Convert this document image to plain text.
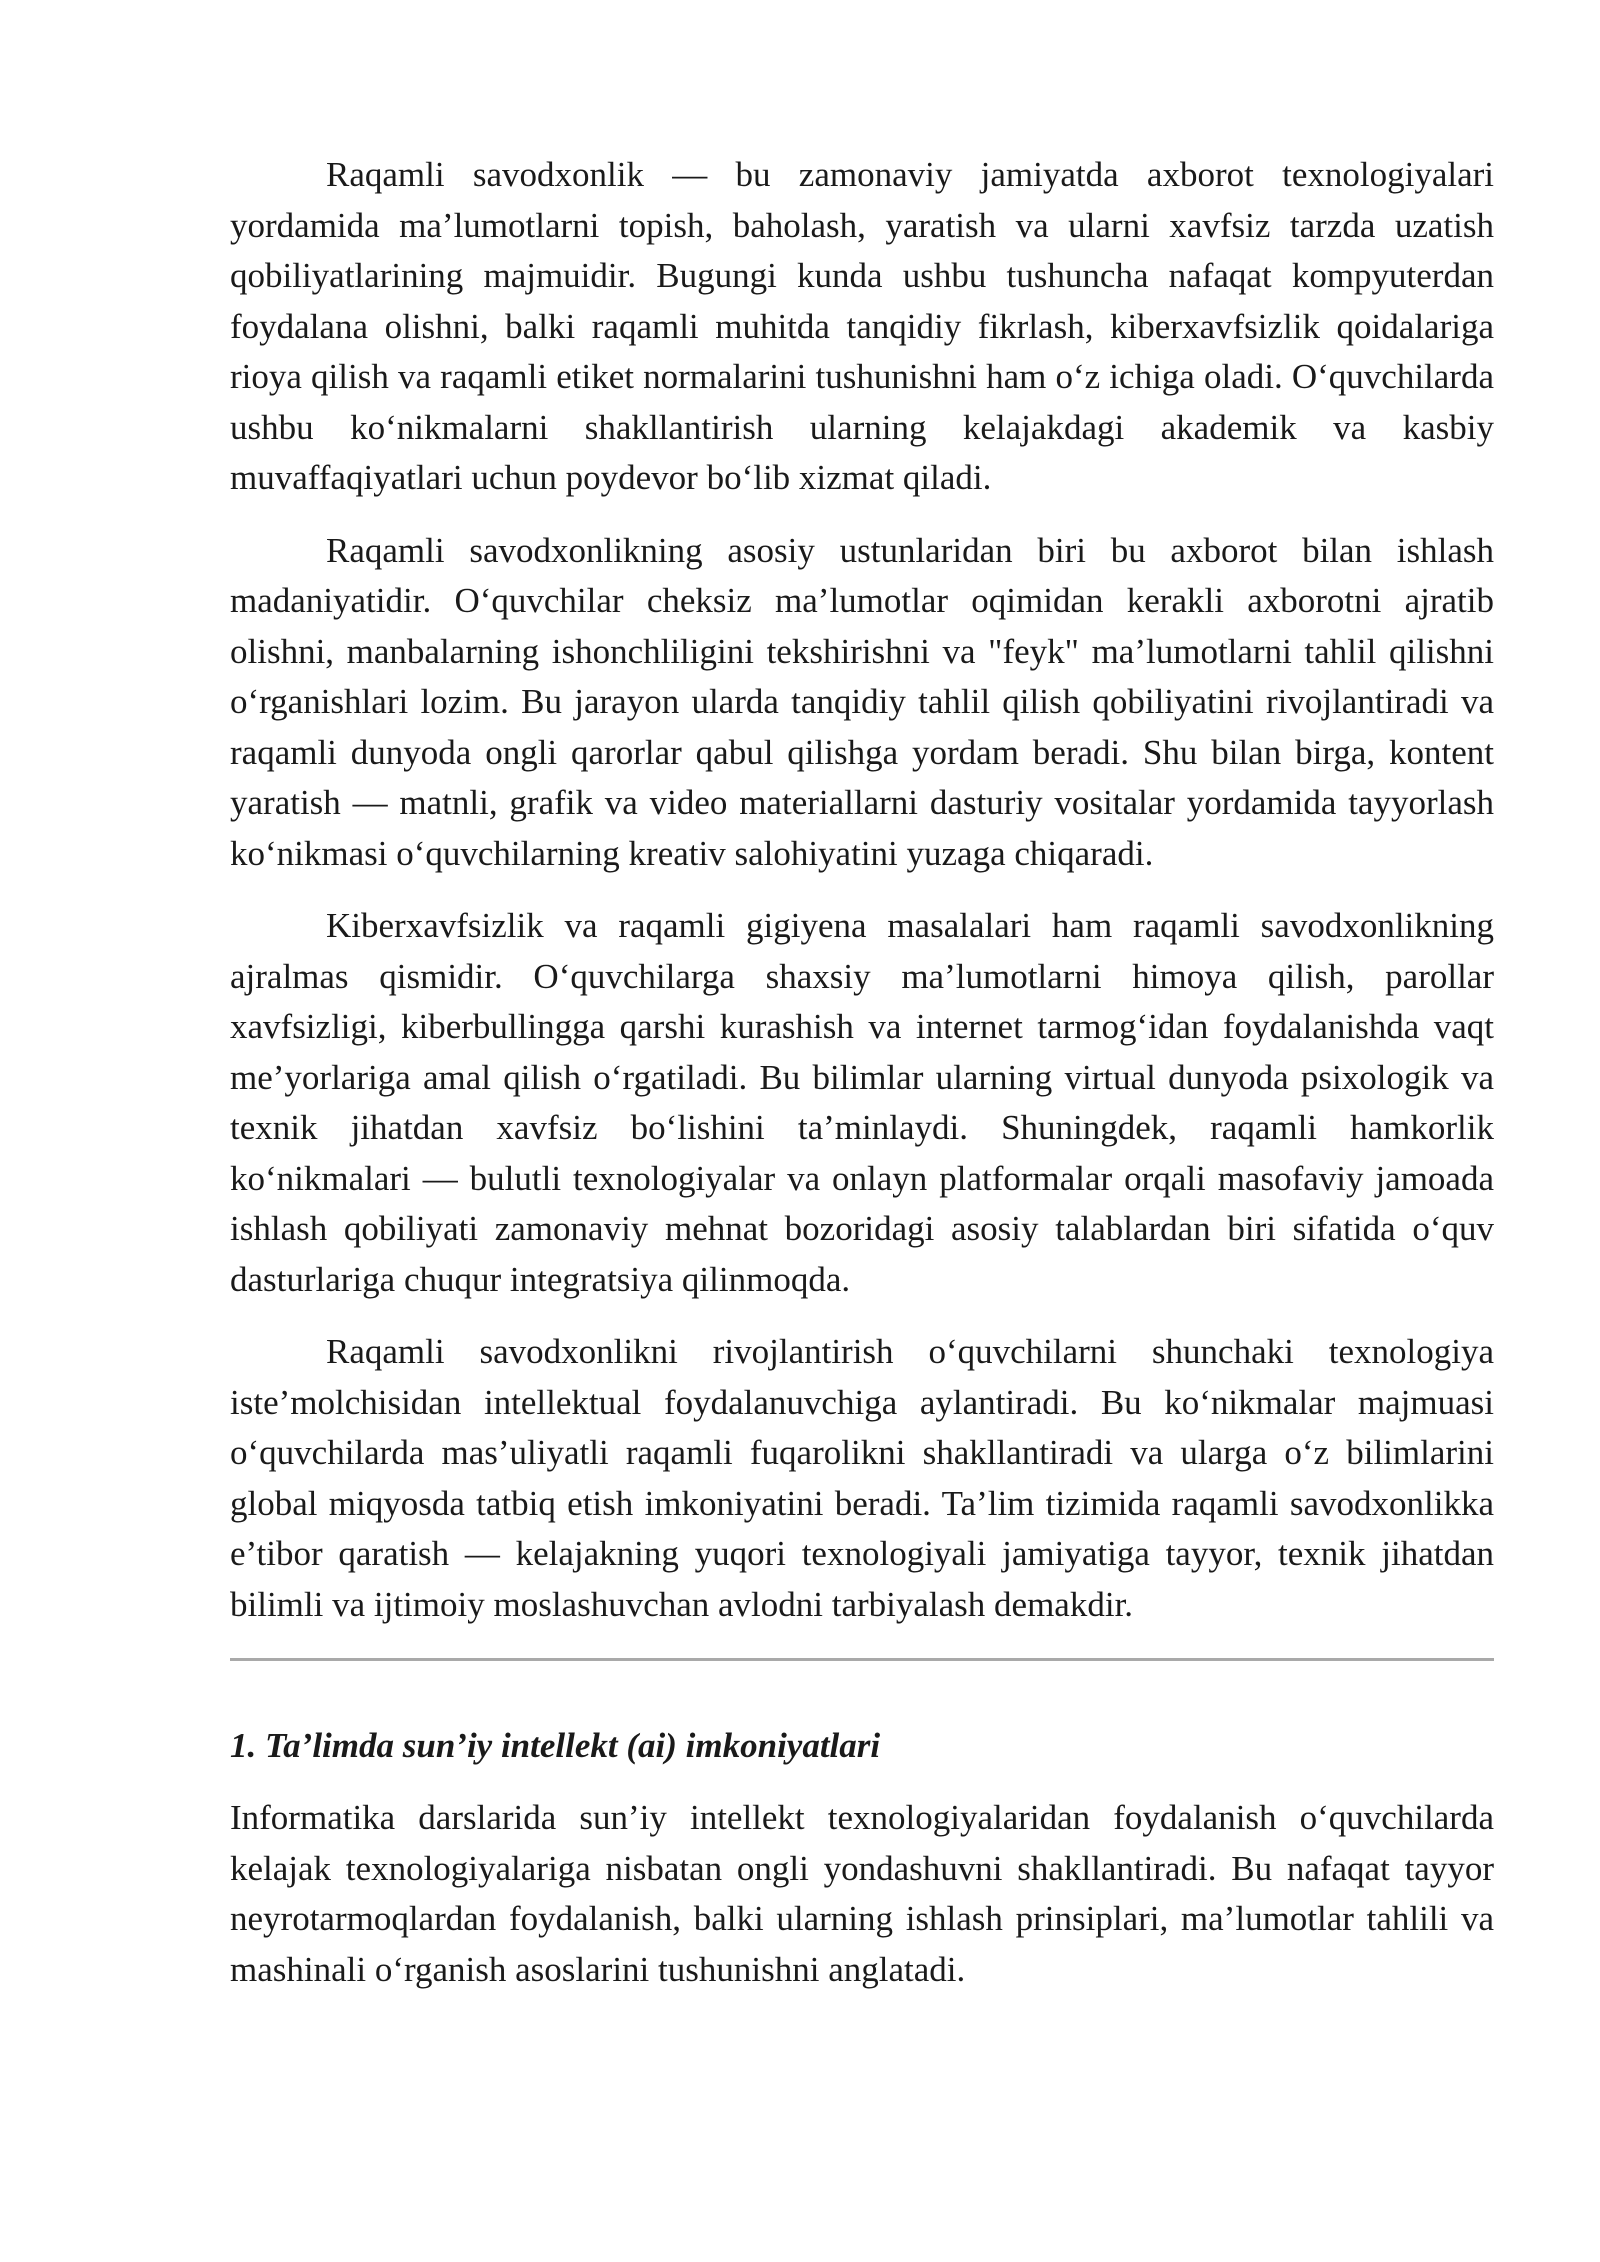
Raqamli savodxonlik — bu zamonaviy jamiyatda axborot texnologiyalari yordamida ma’lumotlarni topish, baholash, yaratish va ularni xavfsiz tarzda uzatish qobiliyatlarining majmuidir. Bugungi kunda ushbu tushuncha nafaqat kompyuterdan foydalana olishni, balki raqamli muhitda tanqidiy fikrlash, kiberxavfsizlik qoidalariga rioya qilish va raqamli etiket normalarini tushunishni ham o‘z ichiga oladi. O‘quvchilarda ushbu ko‘nikmalarni shakllantirish ularning kelajakdagi akademik va kasbiy muvaffaqiyatlari uchun poydevor bo‘lib xizmat qiladi.

Raqamli savodxonlikning asosiy ustunlaridan biri bu axborot bilan ishlash madaniyatidir. O‘quvchilar cheksiz ma’lumotlar oqimidan kerakli axborotni ajratib olishni, manbalarning ishonchliligini tekshirishni va "feyk" ma’lumotlarni tahlil qilishni o‘rganishlari lozim. Bu jarayon ularda tanqidiy tahlil qilish qobiliyatini rivojlantiradi va raqamli dunyoda ongli qarorlar qabul qilishga yordam beradi. Shu bilan birga, kontent yaratish — matnli, grafik va video materiallarni dasturiy vositalar yordamida tayyorlash ko‘nikmasi o‘quvchilarning kreativ salohiyatini yuzaga chiqaradi.

Kiberxavfsizlik va raqamli gigiyena masalalari ham raqamli savodxonlikning ajralmas qismidir. O‘quvchilarga shaxsiy ma’lumotlarni himoya qilish, parollar xavfsizligi, kiberbullingga qarshi kurashish va internet tarmog‘idan foydalanishda vaqt me’yorlariga amal qilish o‘rgatiladi. Bu bilimlar ularning virtual dunyoda psixologik va texnik jihatdan xavfsiz bo‘lishini ta’minlaydi. Shuningdek, raqamli hamkorlik ko‘nikmalari — bulutli texnologiyalar va onlayn platformalar orqali masofaviy jamoada ishlash qobiliyati zamonaviy mehnat bozoridagi asosiy talablardan biri sifatida o‘quv dasturlariga chuqur integratsiya qilinmoqda.

Raqamli savodxonlikni rivojlantirish o‘quvchilarni shunchaki texnologiya iste’molchisidan intellektual foydalanuvchiga aylantiradi. Bu ko‘nikmalar majmuasi o‘quvchilarda mas’uliyatli raqamli fuqarolikni shakllantiradi va ularga o‘z bilimlarini global miqyosda tatbiq etish imkoniyatini beradi. Ta’lim tizimida raqamli savodxonlikka e’tibor qaratish — kelajakning yuqori texnologiyali jamiyatiga tayyor, texnik jihatdan bilimli va ijtimoiy moslashuvchan avlodni tarbiyalash demakdir.

1. Ta’limda sun’iy intellekt (ai) imkoniyatlari

Informatika darslarida sun’iy intellekt texnologiyalaridan foydalanish o‘quvchilarda kelajak texnologiyalariga nisbatan ongli yondashuvni shakllantiradi. Bu nafaqat tayyor neyrotarmoqlardan foydalanish, balki ularning ishlash prinsiplari, ma’lumotlar tahlili va mashinali o‘rganish asoslarini tushunishni anglatadi.
